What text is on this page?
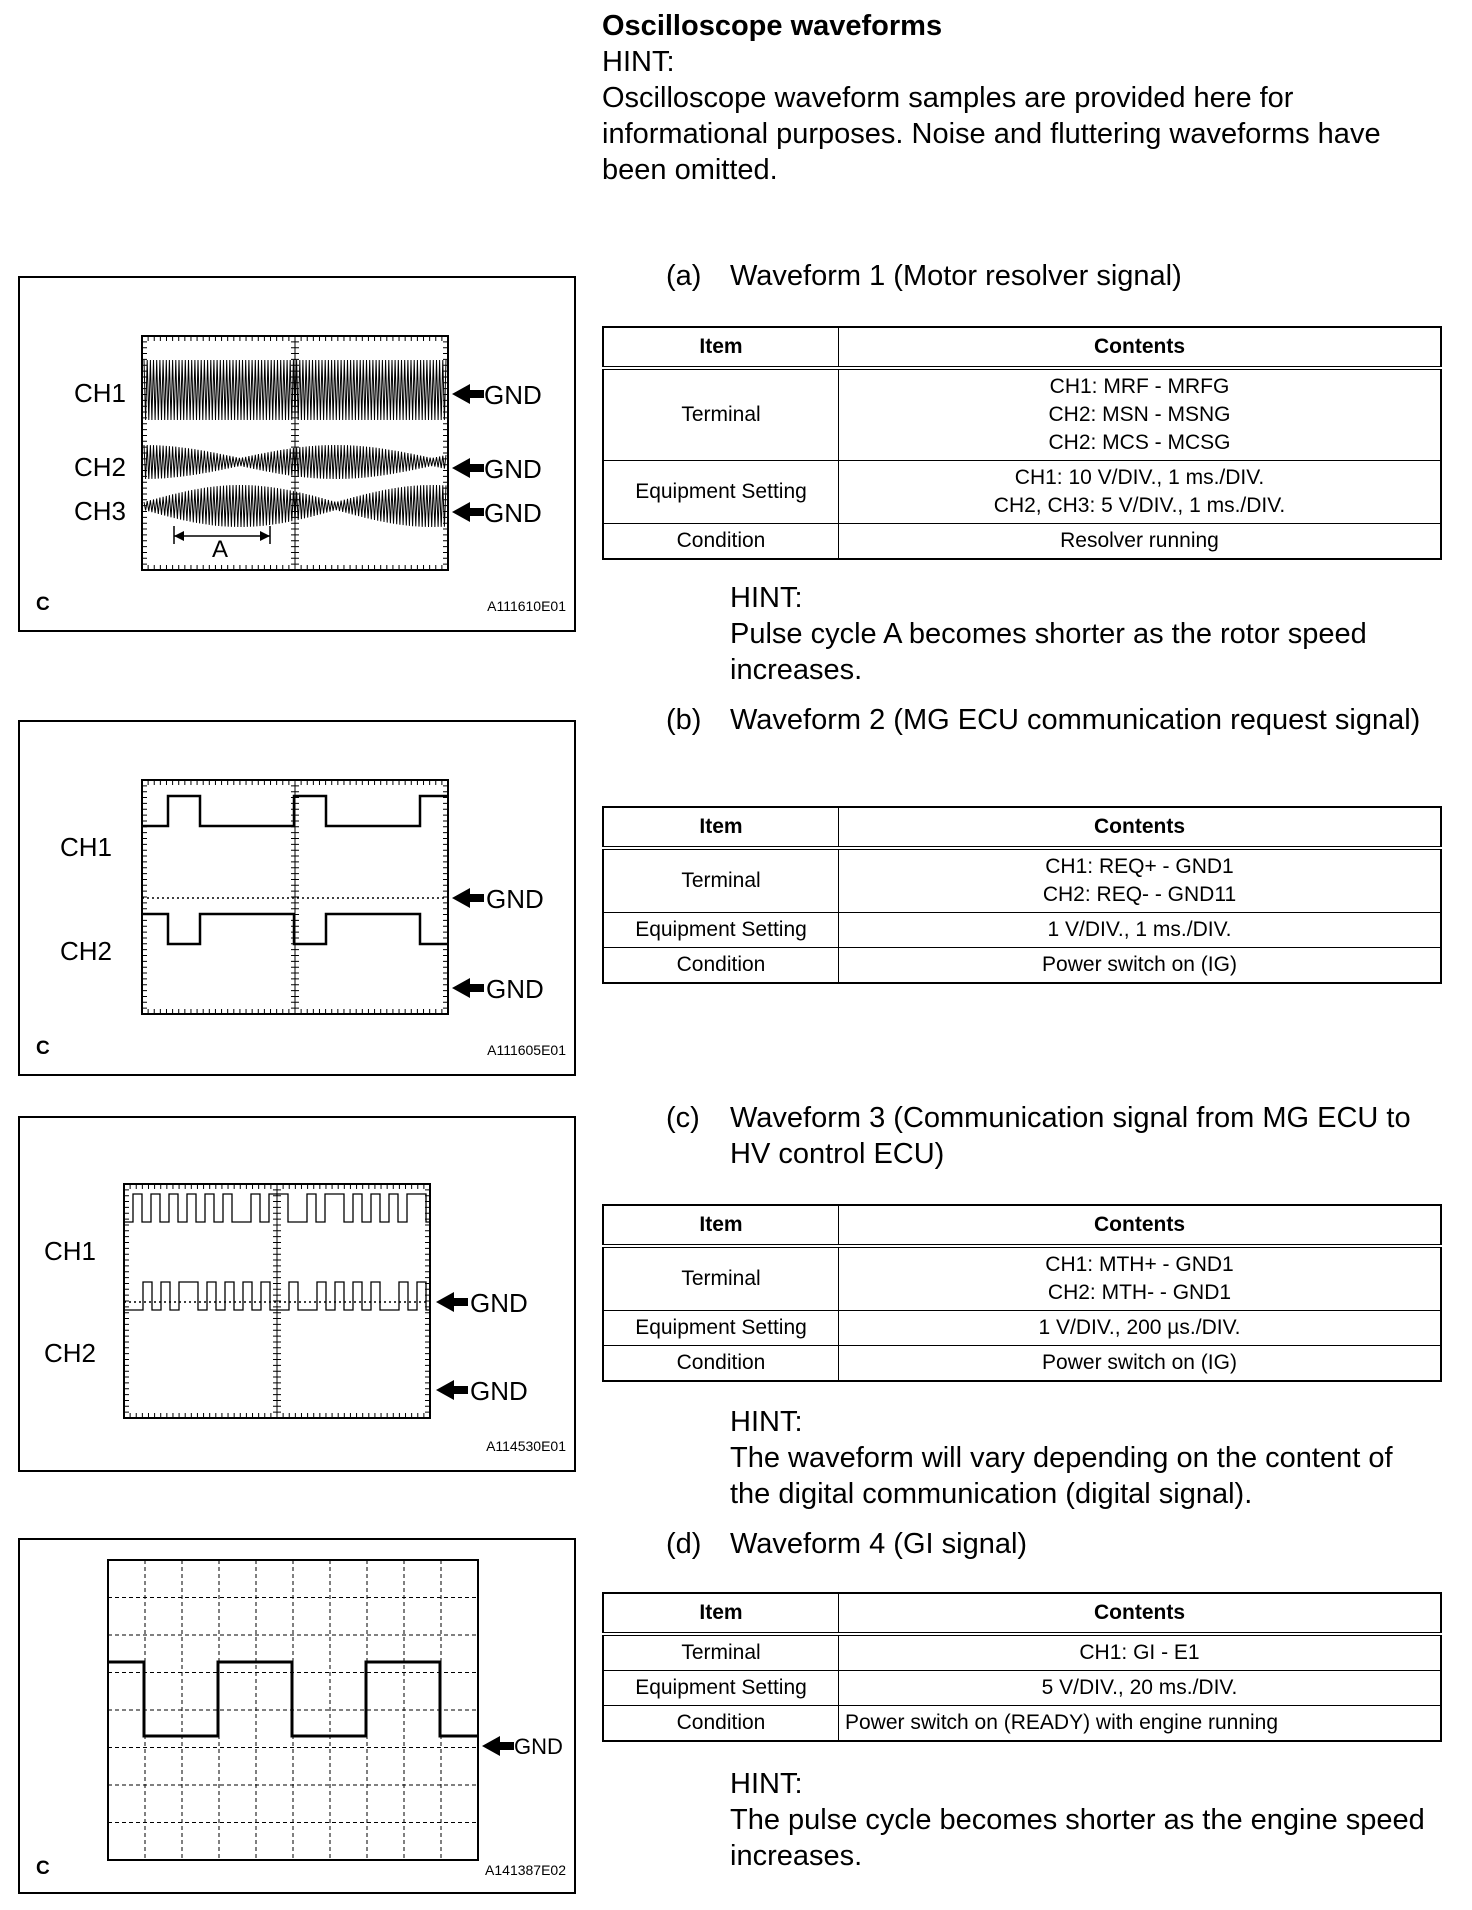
Oscilloscope waveforms

HINT:

Oscilloscope waveform samples are provided here for informational purposes. Noise and fluttering waveforms have been omitted.

(a) Waveform 1 (Motor resolver signal)
Item	Contents
Terminal	CH1: MRF - MRFG
CH2: MSN - MSNG
CH2: MCS - MCSG

Equipment Setting	CH1: 10 V/DIV., 1 ms./DIV.
CH2, CH3: 5 V/DIV., 1 ms./DIV.

Condition	Resolver running

HINT:

Pulse cycle A becomes shorter as the rotor speed increases.

(b) Waveform 2 (MG ECU communication request signal)
Item	Contents
Terminal	CH1: REQ+ - GND1
CH2: REQ- - GND11

Equipment Setting	1 V/DIV., 1 ms./DIV.
Condition	Power switch on (IG)
(c) Waveform 3 (Communication signal from MG ECU to HV control ECU)
Item	Contents
Terminal	CH1: MTH+ - GND1
CH2: MTH- - GND1

Equipment Setting	1 V/DIV., 200 µs./DIV.
Condition	Power switch on (IG)

HINT:

The waveform will vary depending on the content of the digital communication (digital signal).

(d) Waveform 4 (GI signal)
Item	Contents
Terminal	CH1: GI - E1
Equipment Setting	5 V/DIV., 20 ms./DIV.
Condition	Power switch on (READY) with engine running

HINT:

The pulse cycle becomes shorter as the engine speed increases.

CH1
CH2
CH3
GND
GND
GND
A
C	A111610E01
CH1
CH2
GND
GND
C	A111605E01
CH1
CH2
GND
GND
A114530E01
GND
C	A141387E02
